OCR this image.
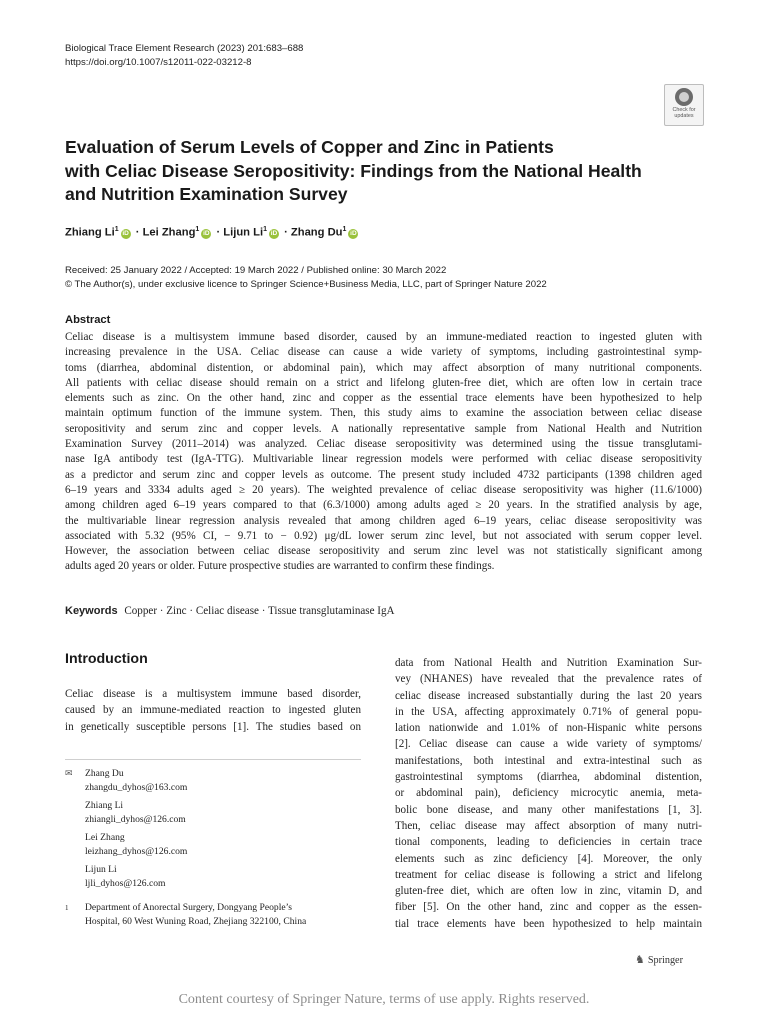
Biological Trace Element Research (2023) 201:683–688
https://doi.org/10.1007/s12011-022-03212-8
Check for
updates
Evaluation of Serum Levels of Copper and Zinc in Patients
with Celiac Disease Seropositivity: Findings from the National Health
and Nutrition Examination Survey
Zhiang $Li^1iD$ · Lei Zhang$^1$iD · Lijun $Li^1iD$ · Zhang Du$^1$iD
Received: 25 January 2022 / Accepted: 19 March 2022 / Published online: 30 March 2022
© The Author(s), under exclusive licence to Springer Science+Business Media, LLC, part of Springer Nature 2022
Abstract
Celiac disease is a multisystem immune based disorder, caused by an immune-mediated reaction to ingested gluten with
increasing prevalence in the USA. Celiac disease can cause a wide variety of symptoms, including gastrointestinal symp-
toms (diarrhea, abdominal distention, or abdominal pain), which may affect absorption of many nutritional components.
All patients with celiac disease should remain on a strict and lifelong gluten-free diet, which are often low in certain trace
elements such as zinc. On the other hand, zinc and copper as the essential trace elements have been hypothesized to help
maintain optimum function of the immune system. Then, this study aims to examine the association between celiac disease
seropositivity and serum zinc and copper levels. A nationally representative sample from National Health and Nutrition
Examination Survey (2011–2014) was analyzed. Celiac disease seropositivity was determined using the tissue transglutami-
nase IgA antibody test (IgA-TTG). Multivariable linear regression models were performed with celiac disease seropositivity
as a predictor and serum zinc and copper levels as outcome. The present study included 4732 participants (1398 children aged
6–19 years and 3334 adults aged ≥ 20 years). The weighted prevalence of celiac disease seropositivity was higher (11.6/1000)
among children aged 6–19 years compared to that (6.3/1000) among adults aged ≥ 20 years. In the stratified analysis by age,
the multivariable linear regression analysis revealed that among children aged 6–19 years, celiac disease seropositivity was
associated with 5.32 (95% CI, − 9.71 to − 0.92) μg/dL lower serum zinc level, but not associated with serum copper level.
However, the association between celiac disease seropositivity and serum zinc level was not statistically significant among
adults aged 20 years or older. Future prospective studies are warranted to confirm these findings.
Keywords Copper · Zinc · Celiac disease · Tissue transglutaminase IgA
Introduction
Celiac disease is a multisystem immune based disorder,
caused by an immune-mediated reaction to ingested gluten
in genetically susceptible persons [1]. The studies based on
data from National Health and Nutrition Examination Sur-
vey (NHANES) have revealed that the prevalence rates of
celiac disease increased substantially during the last 20 years
in the USA, affecting approximately 0.71% of general popu-
lation nationwide and 1.01% of non-Hispanic white persons
[2]. Celiac disease can cause a wide variety of symptoms/
manifestations, both intestinal and extra-intestinal such as
gastrointestinal symptoms (diarrhea, abdominal distention,
or abdominal pain), deficiency microcytic anemia, meta-
bolic bone disease, and many other manifestations [1, 3].
Then, celiac disease may affect absorption of many nutri-
tional components, leading to deficiencies in certain trace
elements such as zinc deficiency [4]. Moreover, the only
treatment for celiac disease is following a strict and lifelong
gluten-free diet, which are often low in zinc, vitamin D, and
fiber [5]. On the other hand, zinc and copper as the essen-
tial trace elements have been hypothesized to help maintain
✉	Zhang Du
zhangdu_dyhos@163.com
Zhiang Li
zhiangli_dyhos@126.com
Lei Zhang
leizhang_dyhos@126.com
Lijun Li
ljli_dyhos@126.com
1	Department of Anorectal Surgery, Dongyang People’s
Hospital, 60 West Wuning Road, Zhejiang 322100, China
♞ Springer
Content courtesy of Springer Nature, terms of use apply. Rights reserved.
